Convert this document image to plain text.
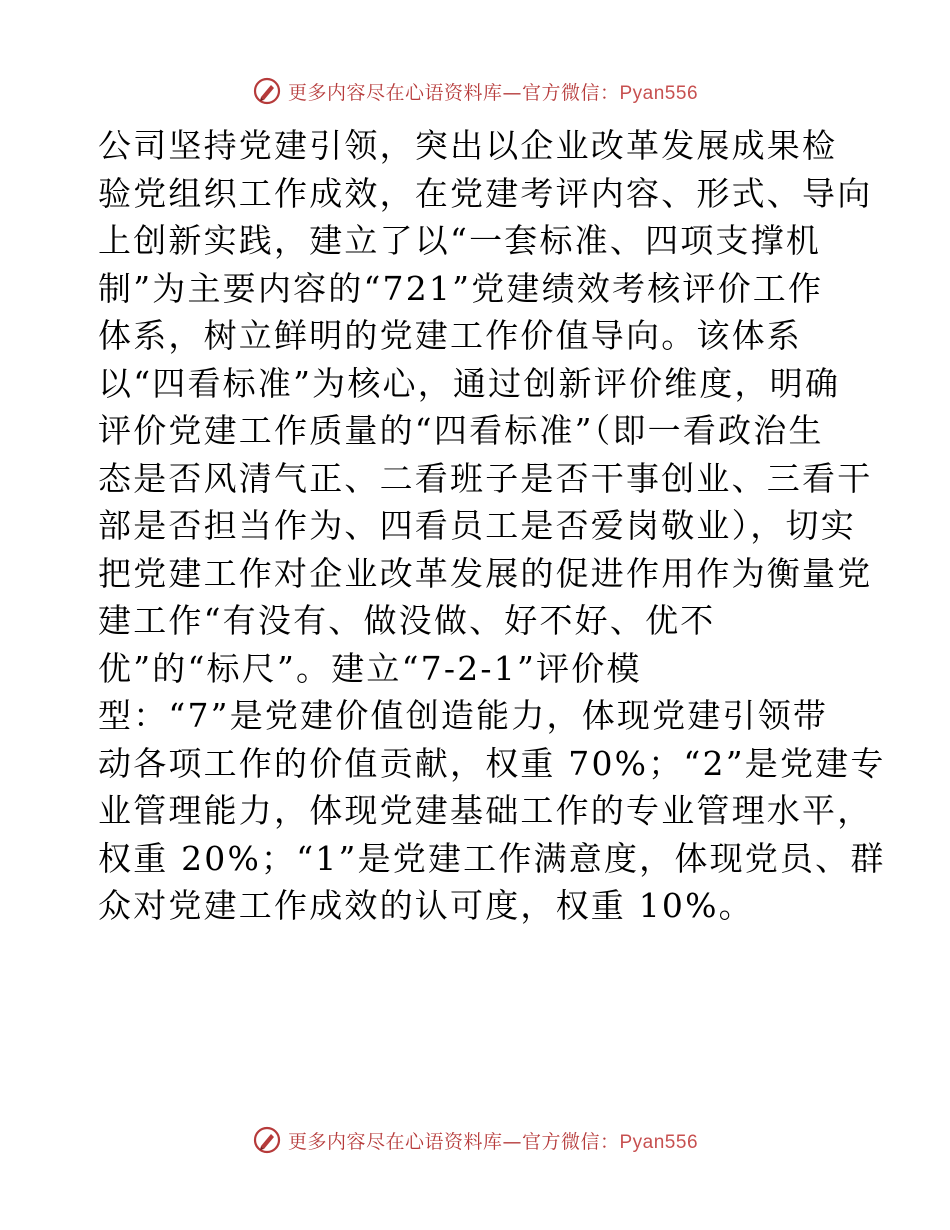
更多内容尽在心语资料库—官方微信：Pyan556
公司坚持党建引领，突出以企业改革发展成果检
验党组织工作成效，在党建考评内容、形式、导向
上创新实践，建立了以“一套标准、四项支撑机
制”为主要内容的“721”党建绩效考核评价工作
体系，树立鲜明的党建工作价值导向。该体系
以“四看标准”为核心，通过创新评价维度，明确
评价党建工作质量的“四看标准”（即一看政治生
态是否风清气正、二看班子是否干事创业、三看干
部是否担当作为、四看员工是否爱岗敬业），切实
把党建工作对企业改革发展的促进作用作为衡量党
建工作“有没有、做没做、好不好、优不
优”的“标尺”。建立“7-2-1”评价模
型：“7”是党建价值创造能力，体现党建引领带
动各项工作的价值贡献，权重 70%；“2”是党建专
业管理能力，体现党建基础工作的专业管理水平，
权重 20%；“1”是党建工作满意度，体现党员、群
众对党建工作成效的认可度，权重 10%。
更多内容尽在心语资料库—官方微信：Pyan556
